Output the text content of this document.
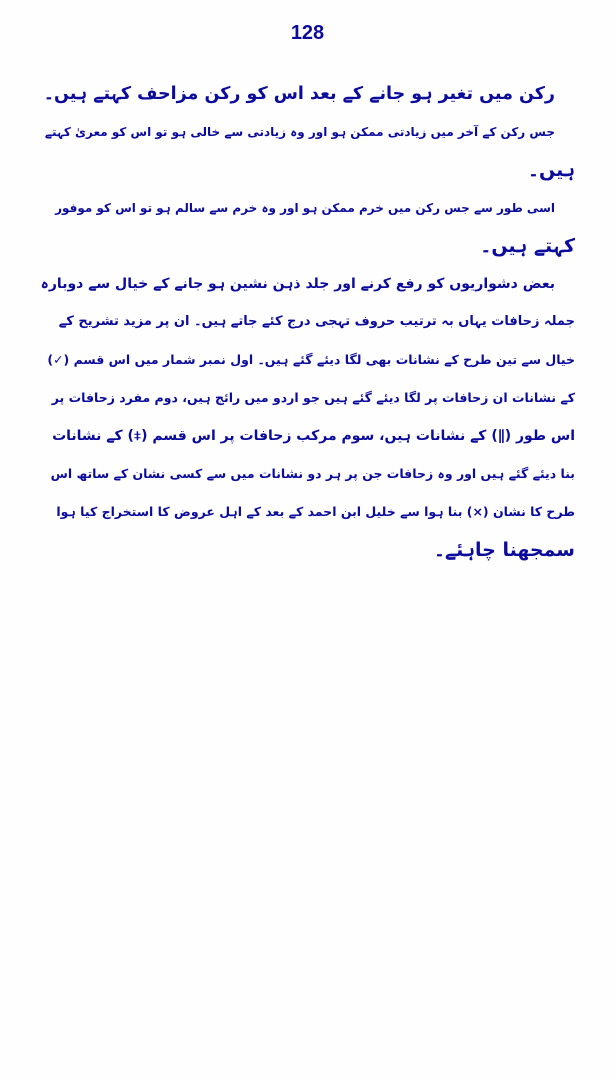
128
رکن میں تغیر ہو جانے کے بعد اس کو رکن مزاحف کہتے ہیں۔
جس رکن کے آخر میں زیادتی ممکن ہو اور وہ زیادتی سے خالی ہو تو اس کو معریٰ کہتے
ہیں۔
اسی طور سے جس رکن میں خرم ممکن ہو اور وہ خرم سے سالم ہو تو اس کو موفور
کہتے ہیں۔
بعض دشواریوں کو رفع کرنے اور جلد ذہن نشین ہو جانے کے خیال سے دوبارہ
جملہ زحافات یہاں بہ ترتیب حروف تہجی درج کئے جاتے ہیں۔ ان پر مزید تشریح کے
خیال سے تین طرح کے نشانات بھی لگا دیئے گئے ہیں۔ اول نمبر شمار میں اس قسم (✓)
کے نشانات ان زحافات پر لگا دیئے گئے ہیں جو اردو میں رائج ہیں، دوم مفرد زحافات پر
اس طور (∥) کے نشانات ہیں، سوم مرکب زحافات پر اس قسم (⧧) کے نشانات
بنا دیئے گئے ہیں اور وہ زحافات جن پر ہر دو نشانات میں سے کسی نشان کے ساتھ اس
طرح کا نشان (×) بنا ہوا سے خلیل ابن احمد کے بعد کے اہل عروض کا استخراج کیا ہوا
سمجھنا چاہئے۔
